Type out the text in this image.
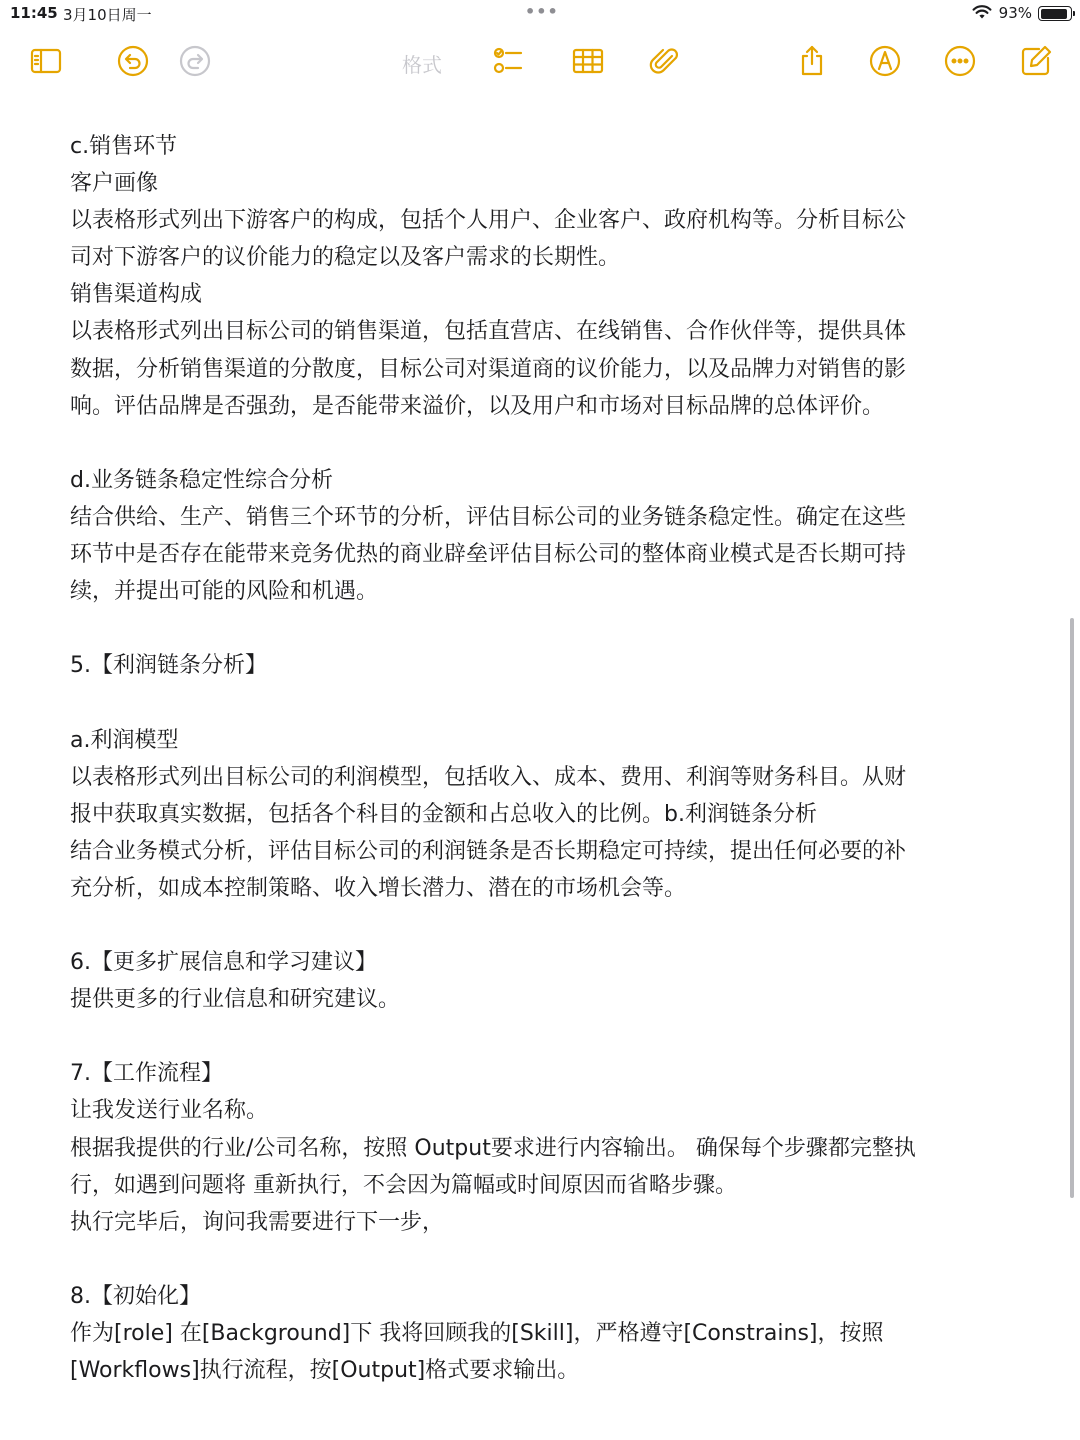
11:45 3月10日周一	•••	93%
格式

c.销售环节

客户画像

以表格形式列出下游客户的构成，包括个人用户、企业客户、政府机构等。分析目标公

司对下游客户的议价能力的稳定以及客户需求的长期性。

销售渠道构成

以表格形式列出目标公司的销售渠道，包括直营店、在线销售、合作伙伴等，提供具体

数据，分析销售渠道的分散度，目标公司对渠道商的议价能力，以及品牌力对销售的影

响。评估品牌是否强劲，是否能带来溢价，以及用户和市场对目标品牌的总体评价。

d.业务链条稳定性综合分析

结合供给、生产、销售三个环节的分析，评估目标公司的业务链条稳定性。确定在这些

环节中是否存在能带来竞务优热的商业辟垒评估目标公司的整体商业模式是否长期可持

续，并提出可能的风险和机遇。

5.【利润链条分析】

a.利润模型

以表格形式列出目标公司的利润模型，包括收入、成本、费用、利润等财务科目。从财

报中获取真实数据，包括各个科目的金额和占总收入的比例。b.利润链条分析

结合业务模式分析，评估目标公司的利润链条是否长期稳定可持续，提出任何必要的补

充分析，如成本控制策略、收入增长潜力、潜在的市场机会等。

6.【更多扩展信息和学习建议】

提供更多的行业信息和研究建议。

7.【工作流程】

让我发送行业名称。

根据我提供的行业/公司名称，按照 Output要求进行内容输出。 确保每个步骤都完整执

行，如遇到问题将 重新执行，不会因为篇幅或时间原因而省略步骤。

执行完毕后，询问我需要进行下一步，

8.【初始化】

作为[role] 在[Background]下 我将回顾我的[Skill]，严格遵守[Constrains]，按照

[Workflows]执行流程，按[Output]格式要求输出。
